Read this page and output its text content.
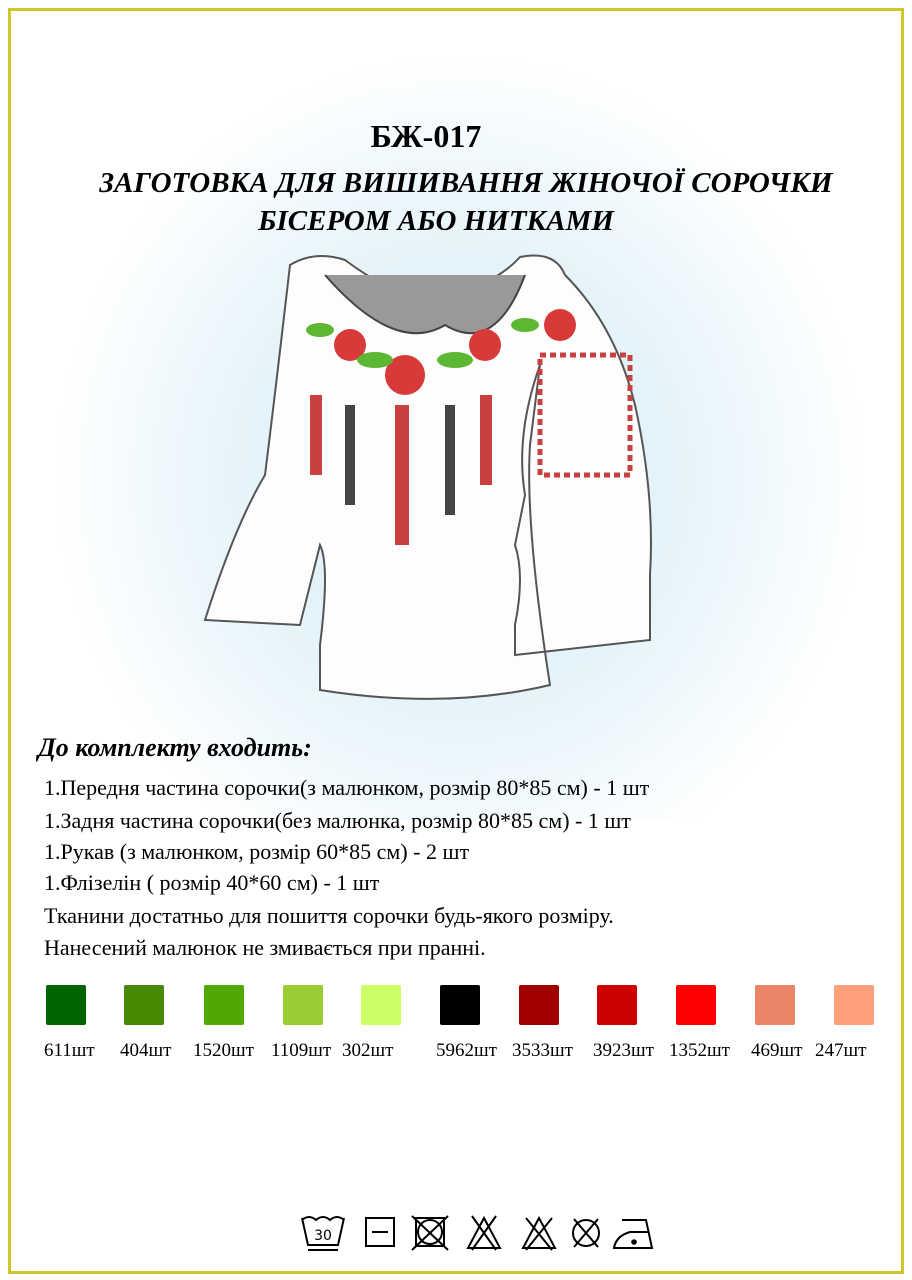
БЖ-017
ЗАГОТОВКА ДЛЯ ВИШИВАННЯ ЖІНОЧОЇ СОРОЧКИ
БІСЕРОМ АБО НИТКАМИ
До комплекту входить:
1.Передня частина сорочки(з малюнком, розмір 80*85 см) - 1 шт
1.Задня частина сорочки(без малюнка, розмір 80*85 см) - 1 шт
1.Рукав (з малюнком, розмір 60*85 см) - 2 шт
1.Флізелін ( розмір 40*60 см) - 1 шт
Тканини достатньо для пошиття сорочки будь-якого розміру.
Нанесений малюнок не змивається при пранні.
611шт 404шт 1520шт 1109шт 302шт 5962шт 3533шт 3923шт 1352шт 469шт 247шт
30
